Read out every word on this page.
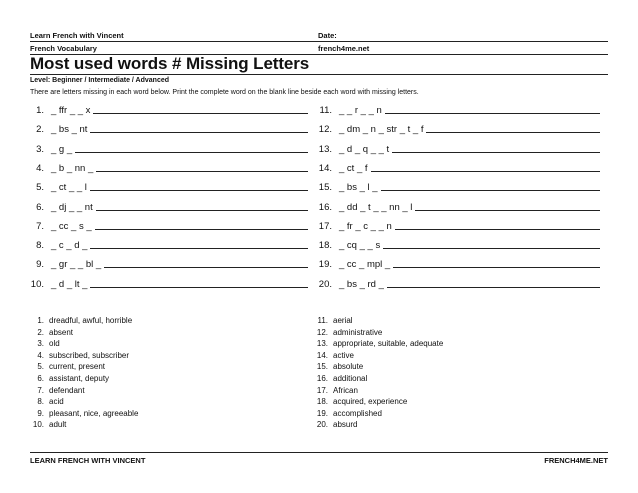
Learn French with Vincent	Date:
French Vocabulary	french4me.net
Most used words # Missing Letters
Level: Beginner / Intermediate / Advanced
There are letters missing in each word below. Print the complete word on the blank line beside each word with missing letters.
1. _ ffr _ _ x
2. _ bs _ nt
3. _ g _
4. _ b _ nn _
5. _ ct _ _ l
6. _ dj _ _ nt
7. _ cc _ s _
8. _ c _ d _
9. _ gr _ _ bl _
10. _ d _ lt _
11. _ _ r _ _ n
12. _ dm _ n _ str _ t _ f
13. _ d _ q _ _ t
14. _ ct _ f
15. _ bs _ l _
16. _ dd _ t _ _ nn _ l
17. _ fr _ c _ _ n
18. _ cq _ _ s
19. _ cc _ mpl _
20. _ bs _ rd _
1. dreadful, awful, horrible
2. absent
3. old
4. subscribed, subscriber
5. current, present
6. assistant, deputy
7. defendant
8. acid
9. pleasant, nice, agreeable
10. adult
11. aerial
12. administrative
13. appropriate, suitable, adequate
14. active
15. absolute
16. additional
17. African
18. acquired, experience
19. accomplished
20. absurd
LEARN FRENCH WITH VINCENT	FRENCH4ME.NET
